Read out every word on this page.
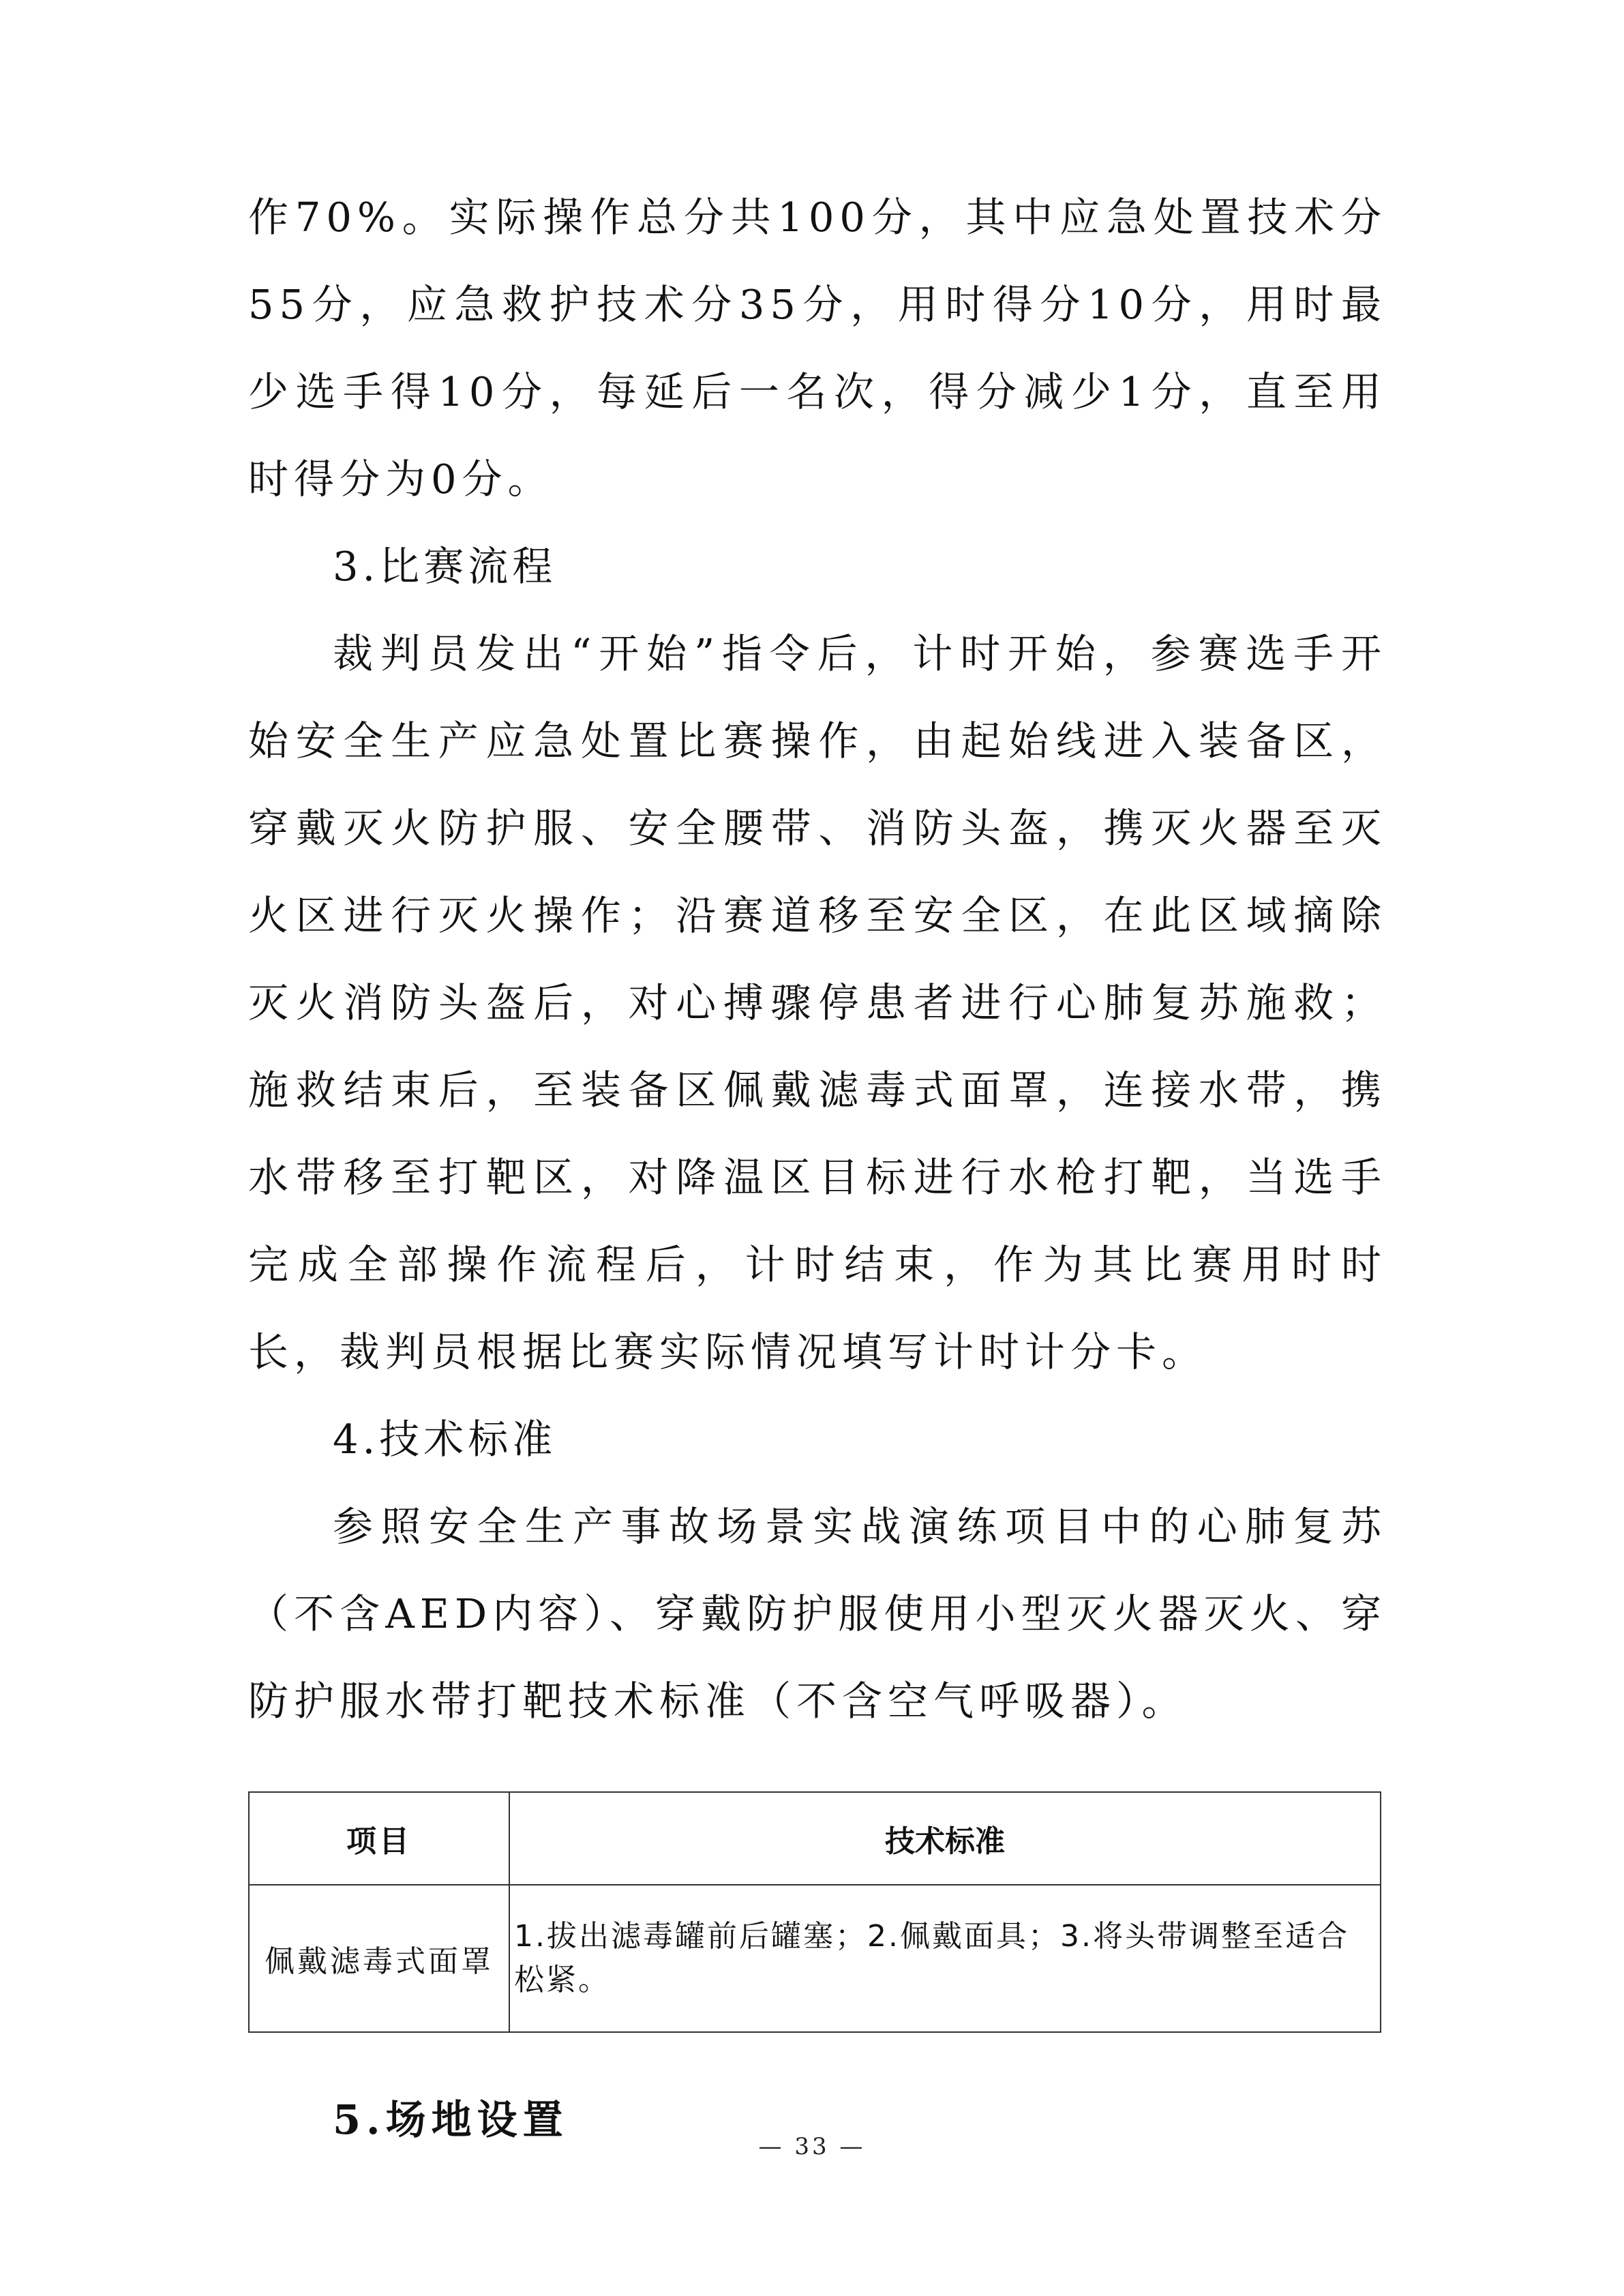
作70%。实际操作总分共100分，其中应急处置技术分55分，应急救护技术分35分，用时得分10分，用时最少选手得10分，每延后一名次，得分减少1分，直至用时得分为0分。

3.比赛流程

裁判员发出“开始”指令后，计时开始，参赛选手开始安全生产应急处置比赛操作，由起始线进入装备区，穿戴灭火防护服、安全腰带、消防头盔，携灭火器至灭火区进行灭火操作；沿赛道移至安全区，在此区域摘除灭火消防头盔后，对心搏骤停患者进行心肺复苏施救；施救结束后，至装备区佩戴滤毒式面罩，连接水带，携水带移至打靶区，对降温区目标进行水枪打靶，当选手完成全部操作流程后，计时结束，作为其比赛用时时长，裁判员根据比赛实际情况填写计时计分卡。

4.技术标准

参照安全生产事故场景实战演练项目中的心肺复苏（不含AED内容）、穿戴防护服使用小型灭火器灭火、穿防护服水带打靶技术标准（不含空气呼吸器）。

项目	技术标准
佩戴滤毒式面罩	1.拔出滤毒罐前后罐塞；2.佩戴面具；3.将头带调整至适合松紧。

5.场地设置

— 33 —
